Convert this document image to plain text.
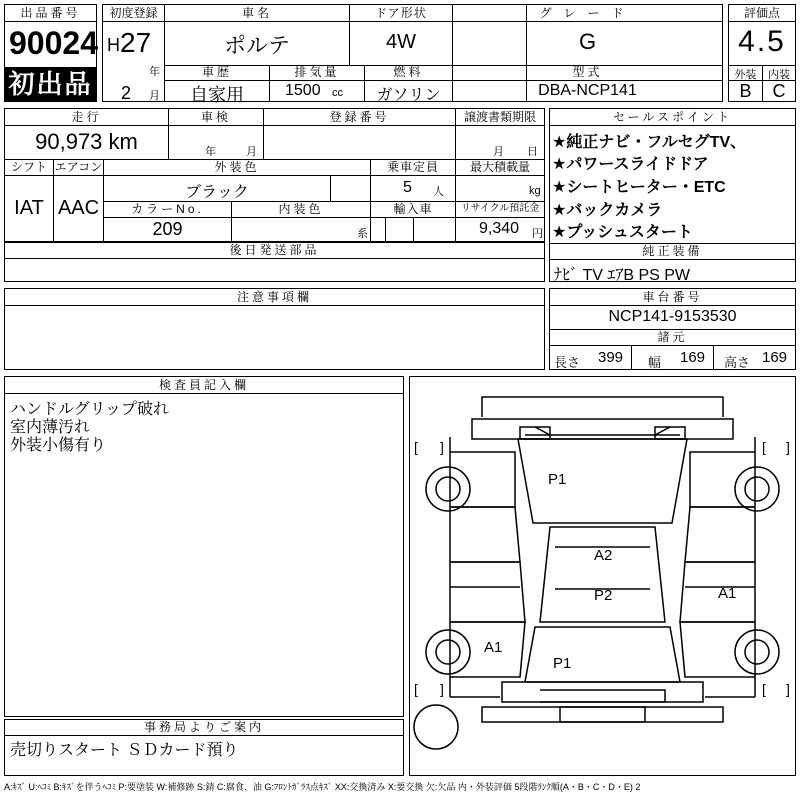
出品番号
90024
初出品
初度登録
H 27
年
2 月
車名
ポルテ
ドア形状
4W
グレード
G
車歴
自家用
排気量
1500 cc
燃料
ガソリン
型式
DBA-NCP141
評価点
4.5
外装	内装
B	C
走行
90,973 km
車検
年	月
登録番号	譲渡書類期限
月 日
シフト
IAT
エアコン
AAC
外装色
ブラック
乗車定員
5 人
最大積載量
kg
カラーNo.
209
内装色
系
輸入車	リサイクル預託金
9,340 円
後日発送部品
セールスポイント
★純正ナビ・フルセグTV、
★パワースライドドア
★シートヒーター・ETC
★バックカメラ
★プッシュスタート
純正装備
ﾅﾋﾞ TV ｴｱB PS PW
注意事項欄	車台番号
NCP141-9153530
諸元
長さ 399 幅 169 高さ 169
検査員記入欄
ハンドルグリップ破れ
室内薄汚れ
外装小傷有り
事務局よりご案内
売切りスタート ＳＤカード預り
[ ]	[ ]
[ ]	[ ]
P1
A2
P2	A1
A1
P1
A:ｷｽﾞ U:ﾍｺﾐ B:ｷｽﾞを伴うﾍｺﾐ P:要塗装 W:補修跡 S:錆 C:腐食、油 G:ﾌﾛﾝﾄｶﾞﾗｽ点ｷｽﾞ XX:交換済み X:要交換 欠:欠品 内・外装評価 5段階ﾗﾝｸ順(A・B・C・D・E) 2
